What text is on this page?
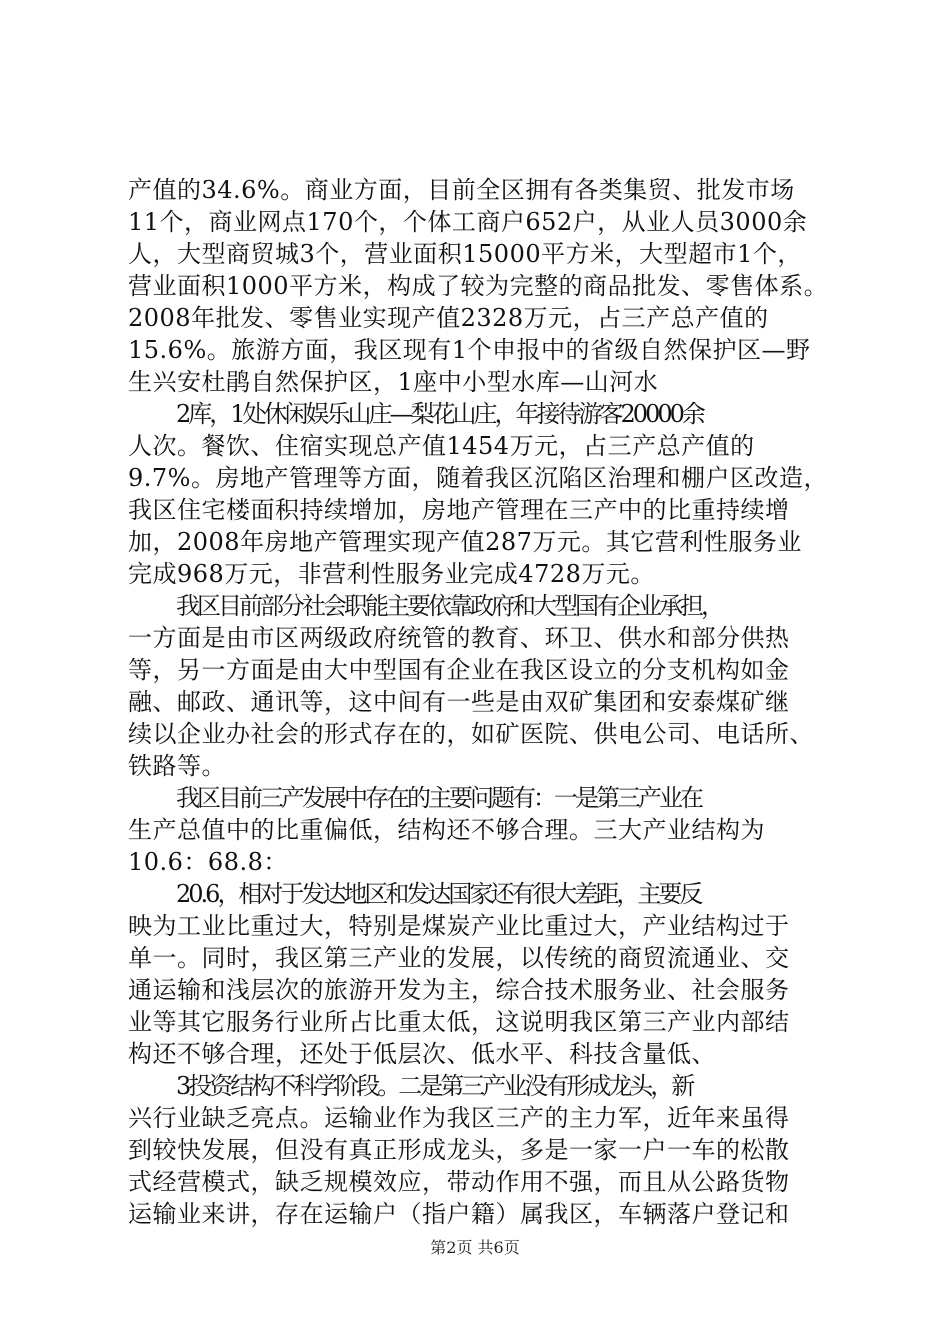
产值的34.6%。商业方面，目前全区拥有各类集贸、批发市场
11个，商业网点170个，个体工商户652户，从业人员3000余
人，大型商贸城3个，营业面积15000平方米，大型超市1个，
营业面积1000平方米，构成了较为完整的商品批发、零售体系。
2008年批发、零售业实现产值2328万元，占三产总产值的
15.6%。旅游方面，我区现有1个申报中的省级自然保护区—野
生兴安杜鹃自然保护区，1座中小型水库—山河水
2库，1处休闲娱乐山庄—梨花山庄，年接待游客20000余
人次。餐饮、住宿实现总产值1454万元，占三产总产值的
9.7%。房地产管理等方面，随着我区沉陷区治理和棚户区改造，
我区住宅楼面积持续增加，房地产管理在三产中的比重持续增
加，2008年房地产管理实现产值287万元。其它营利性服务业
完成968万元，非营利性服务业完成4728万元。
我区目前部分社会职能主要依靠政府和大型国有企业承担，
一方面是由市区两级政府统管的教育、环卫、供水和部分供热
等，另一方面是由大中型国有企业在我区设立的分支机构如金
融、邮政、通讯等，这中间有一些是由双矿集团和安泰煤矿继
续以企业办社会的形式存在的，如矿医院、供电公司、电话所、
铁路等。
我区目前三产发展中存在的主要问题有：一是第三产业在
生产总值中的比重偏低，结构还不够合理。三大产业结构为
10.6：68.8：
20.6，相对于发达地区和发达国家还有很大差距，主要反
映为工业比重过大，特别是煤炭产业比重过大，产业结构过于
单一。同时，我区第三产业的发展，以传统的商贸流通业、交
通运输和浅层次的旅游开发为主，综合技术服务业、社会服务
业等其它服务行业所占比重太低，这说明我区第三产业内部结
构还不够合理，还处于低层次、低水平、科技含量低、
3投资结构不科学阶段。二是第三产业没有形成龙头，新
兴行业缺乏亮点。运输业作为我区三产的主力军，近年来虽得
到较快发展，但没有真正形成龙头，多是一家一户一车的松散
式经营模式，缺乏规模效应，带动作用不强，而且从公路货物
运输业来讲，存在运输户（指户籍）属我区，车辆落户登记和
第2页 共6页
